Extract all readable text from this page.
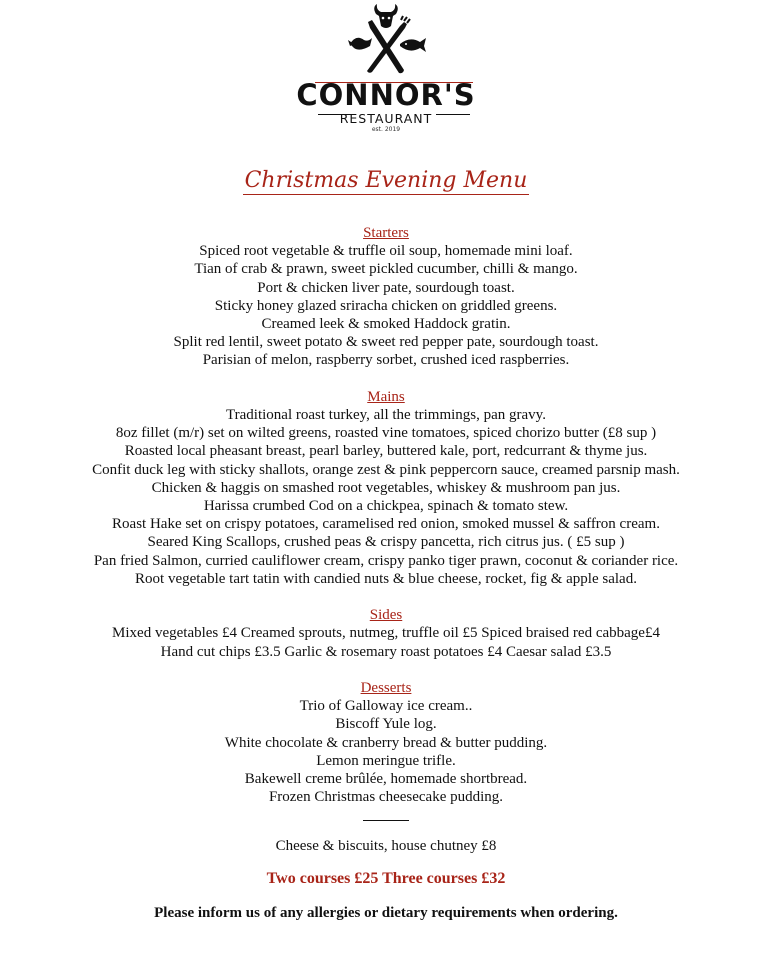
CONNOR'S
RESTAURANT
est. 2019
Christmas Evening Menu
Starters
Spiced root vegetable & truffle oil soup, homemade mini loaf.
Tian of crab & prawn, sweet pickled cucumber, chilli & mango.
Port & chicken liver pate, sourdough toast.
Sticky honey glazed sriracha chicken on griddled greens.
Creamed leek & smoked Haddock gratin.
Split red lentil, sweet potato & sweet red pepper pate, sourdough toast.
Parisian of melon, raspberry sorbet, crushed iced raspberries.
Mains
Traditional roast turkey, all the trimmings, pan gravy.
8oz fillet (m/r) set on wilted greens, roasted vine tomatoes, spiced chorizo butter (£8 sup )
Roasted local pheasant breast, pearl barley, buttered kale, port, redcurrant & thyme jus.
Confit duck leg with sticky shallots, orange zest & pink peppercorn sauce, creamed parsnip mash.
Chicken & haggis on smashed root vegetables, whiskey & mushroom pan jus.
Harissa crumbed Cod on a chickpea, spinach & tomato stew.
Roast Hake set on crispy potatoes, caramelised red onion, smoked mussel & saffron cream.
Seared King Scallops, crushed peas & crispy pancetta, rich citrus jus. ( £5 sup )
Pan fried Salmon, curried cauliflower cream, crispy panko tiger prawn, coconut & coriander rice.
Root vegetable tart tatin with candied nuts & blue cheese, rocket, fig & apple salad.
Sides
Mixed vegetables £4 Creamed sprouts, nutmeg, truffle oil £5 Spiced braised red cabbage£4
Hand cut chips £3.5 Garlic & rosemary roast potatoes £4 Caesar salad £3.5
Desserts
Trio of Galloway ice cream..
Biscoff Yule log.
White chocolate & cranberry bread & butter pudding.
Lemon meringue trifle.
Bakewell creme brûlée, homemade shortbread.
Frozen Christmas cheesecake pudding.
Cheese & biscuits, house chutney £8
Two courses £25 Three courses £32
Please inform us of any allergies or dietary requirements when ordering.
